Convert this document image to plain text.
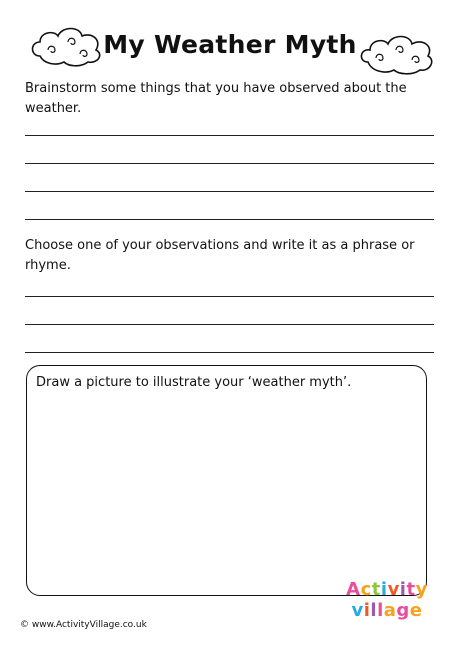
My Weather Myth
Brainstorm some things that you have observed about the weather.
Choose one of your observations and write it as a phrase or rhyme.
Draw a picture to illustrate your ‘weather myth’.
© www.ActivityVillage.co.uk
Activity
village
